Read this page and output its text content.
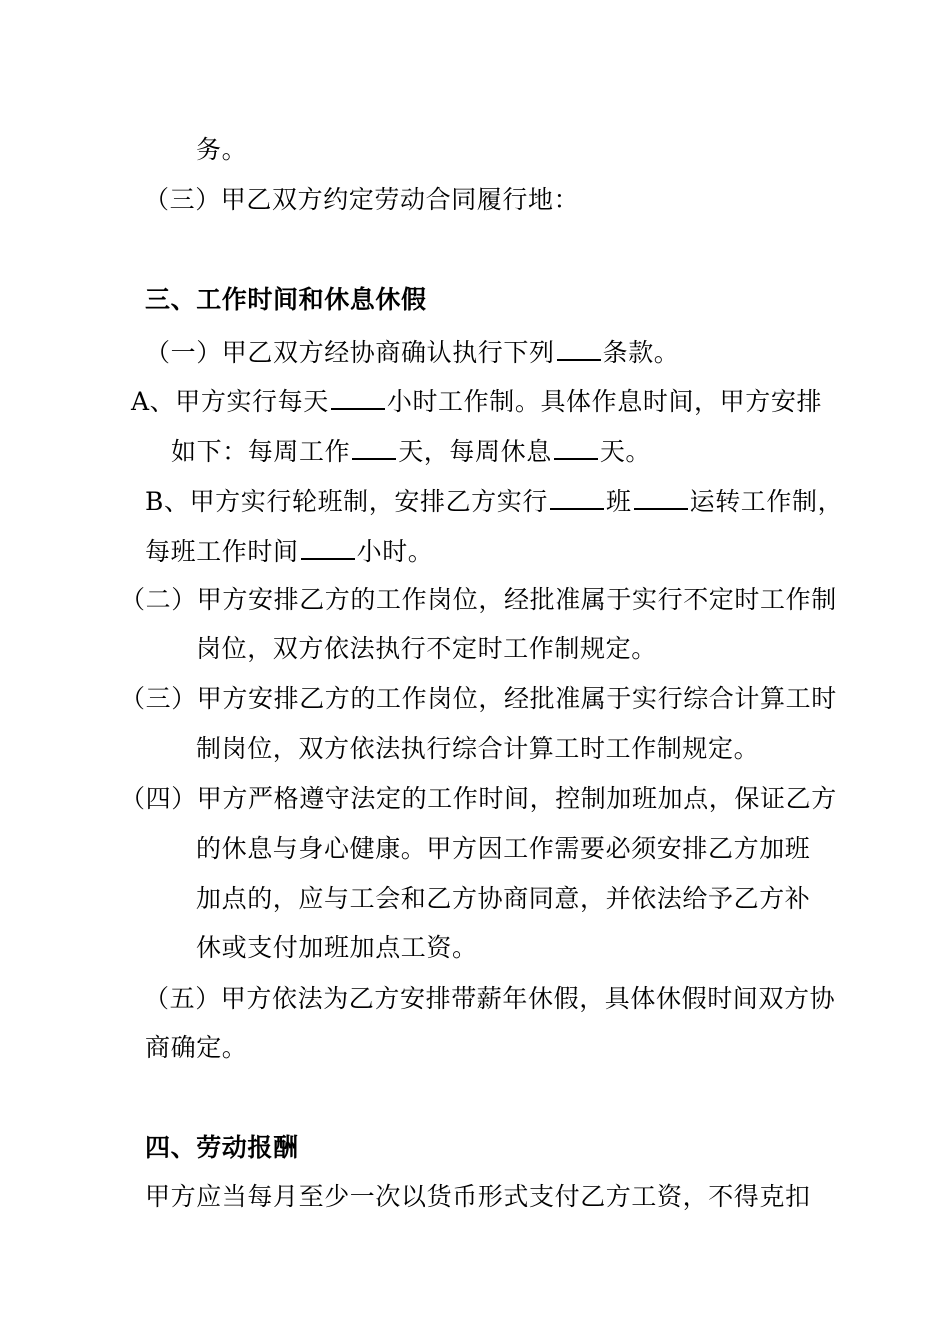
务。
（三）甲乙双方约定劳动合同履行地：
三、工作时间和休息休假
（一）甲乙双方经协商确认执行下列 条款。
A、甲方实行每天 小时工作制。具体作息时间，甲方安排
如下：每周工作 天，每周休息 天。
B、甲方实行轮班制，安排乙方实行 班 运转工作制，
每班工作时间 小时。
（二）甲方安排乙方的工作岗位，经批准属于实行不定时工作制
岗位，双方依法执行不定时工作制规定。
（三）甲方安排乙方的工作岗位，经批准属于实行综合计算工时
制岗位，双方依法执行综合计算工时工作制规定。
（四）甲方严格遵守法定的工作时间，控制加班加点，保证乙方
的休息与身心健康。甲方因工作需要必须安排乙方加班
加点的，应与工会和乙方协商同意，并依法给予乙方补
休或支付加班加点工资。
（五）甲方依法为乙方安排带薪年休假，具体休假时间双方协
商确定。
四、劳动报酬
甲方应当每月至少一次以货币形式支付乙方工资，不得克扣
